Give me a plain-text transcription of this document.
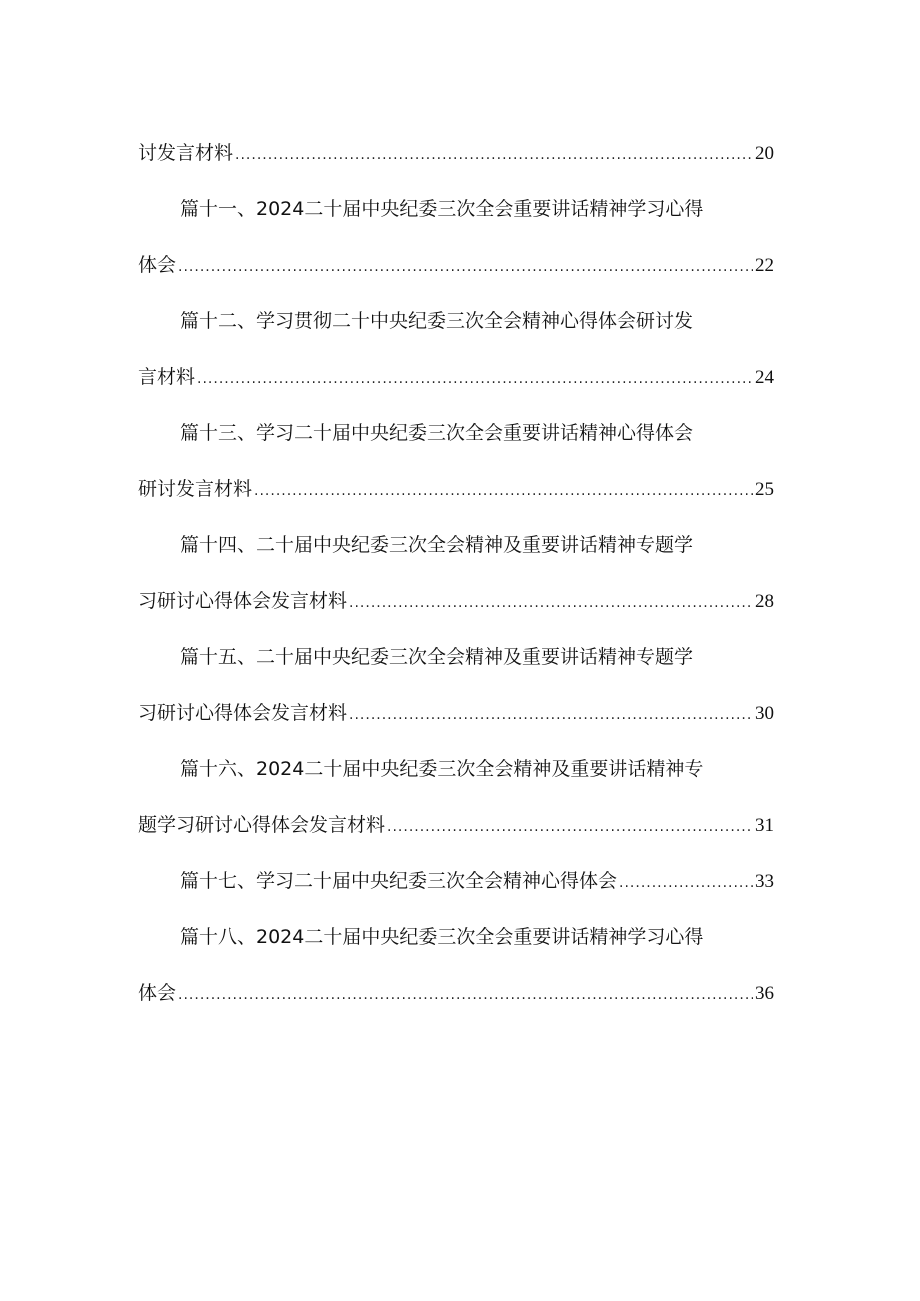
讨发言材料 .....	20
篇十一、2024二十届中央纪委三次全会重要讲话精神学习心得
体会 .....	22
篇十二、学习贯彻二十中央纪委三次全会精神心得体会研讨发
言材料 .....	24
篇十三、学习二十届中央纪委三次全会重要讲话精神心得体会
研讨发言材料 .....	25
篇十四、二十届中央纪委三次全会精神及重要讲话精神专题学
习研讨心得体会发言材料 .....	28
篇十五、二十届中央纪委三次全会精神及重要讲话精神专题学
习研讨心得体会发言材料 .....	30
篇十六、2024二十届中央纪委三次全会精神及重要讲话精神专
题学习研讨心得体会发言材料 .....	31
篇十七、学习二十届中央纪委三次全会精神心得体会 .....	33
篇十八、2024二十届中央纪委三次全会重要讲话精神学习心得
体会 .....	36
